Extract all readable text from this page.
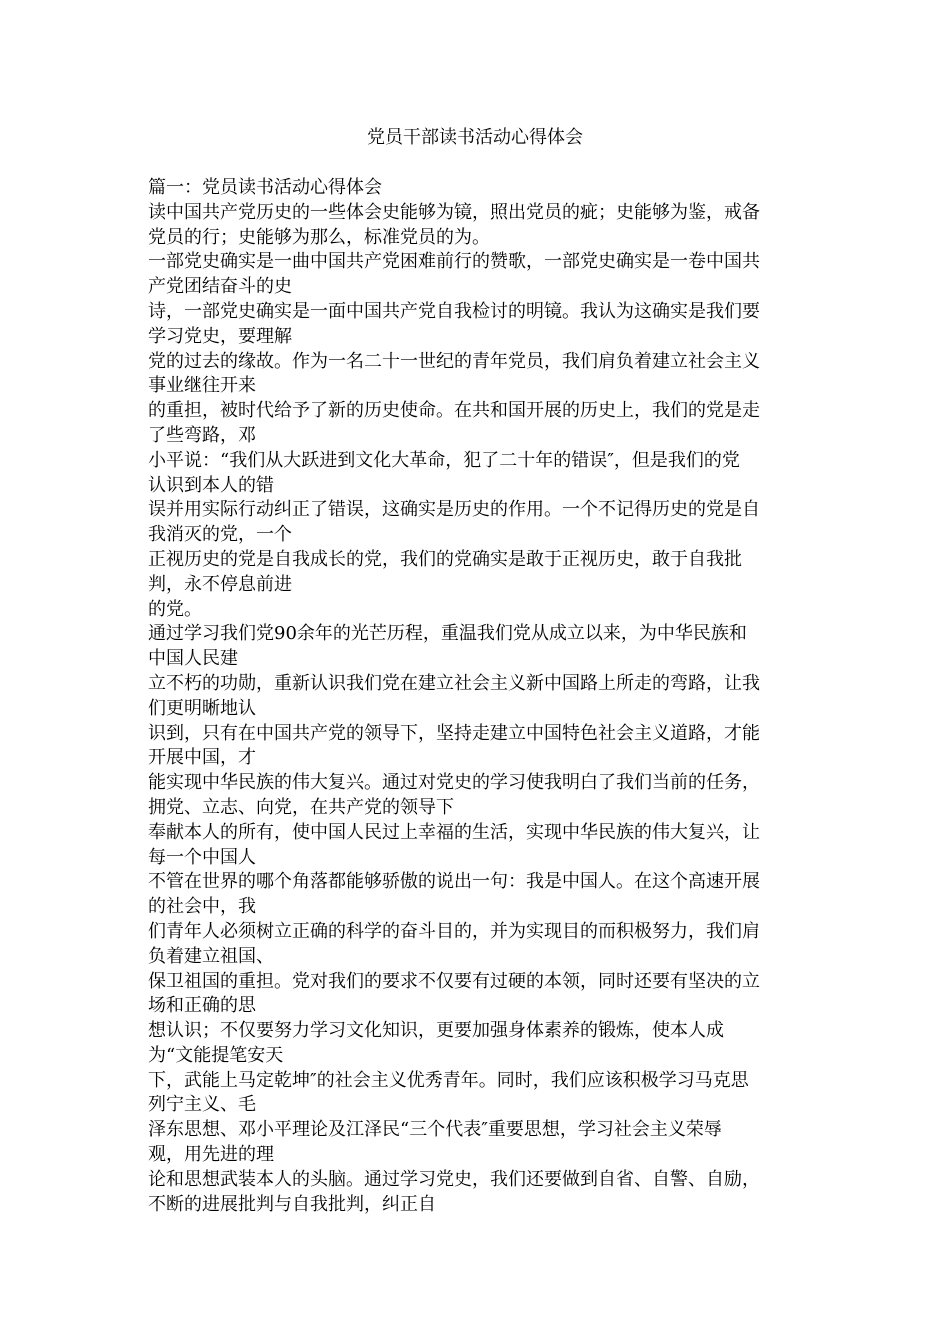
党员干部读书活动心得体会

篇一：党员读书活动心得体会

读中国共产党历史的一些体会史能够为镜，照出党员的疵；史能够为鉴，戒备

党员的行；史能够为那么，标准党员的为。

一部党史确实是一曲中国共产党困难前行的赞歌，一部党史确实是一卷中国共

产党团结奋斗的史

诗，一部党史确实是一面中国共产党自我检讨的明镜。我认为这确实是我们要

学习党史，要理解

党的过去的缘故。作为一名二十一世纪的青年党员，我们肩负着建立社会主义

事业继往开来

的重担，被时代给予了新的历史使命。在共和国开展的历史上，我们的党是走

了些弯路，邓

小平说：“我们从大跃进到文化大革命，犯了二十年的错误″，但是我们的党

认识到本人的错

误并用实际行动纠正了错误，这确实是历史的作用。一个不记得历史的党是自

我消灭的党，一个

正视历史的党是自我成长的党，我们的党确实是敢于正视历史，敢于自我批

判，永不停息前进

的党。

通过学习我们党90余年的光芒历程，重温我们党从成立以来，为中华民族和

中国人民建

立不朽的功勋，重新认识我们党在建立社会主义新中国路上所走的弯路，让我

们更明晰地认

识到，只有在中国共产党的领导下，坚持走建立中国特色社会主义道路，才能

开展中国，才

能实现中华民族的伟大复兴。通过对党史的学习使我明白了我们当前的任务，

拥党、立志、向党，在共产党的领导下

奉献本人的所有，使中国人民过上幸福的生活，实现中华民族的伟大复兴，让

每一个中国人

不管在世界的哪个角落都能够骄傲的说出一句：我是中国人。在这个高速开展

的社会中，我

们青年人必须树立正确的科学的奋斗目的，并为实现目的而积极努力，我们肩

负着建立祖国、

保卫祖国的重担。党对我们的要求不仅要有过硬的本领，同时还要有坚决的立

场和正确的思

想认识；不仅要努力学习文化知识，更要加强身体素养的锻炼，使本人成

为“文能提笔安天

下，武能上马定乾坤″的社会主义优秀青年。同时，我们应该积极学习马克思

列宁主义、毛

泽东思想、邓小平理论及江泽民“三个代表″重要思想，学习社会主义荣辱

观，用先进的理

论和思想武装本人的头脑。通过学习党史，我们还要做到自省、自警、自励，

不断的进展批判与自我批判，纠正自
